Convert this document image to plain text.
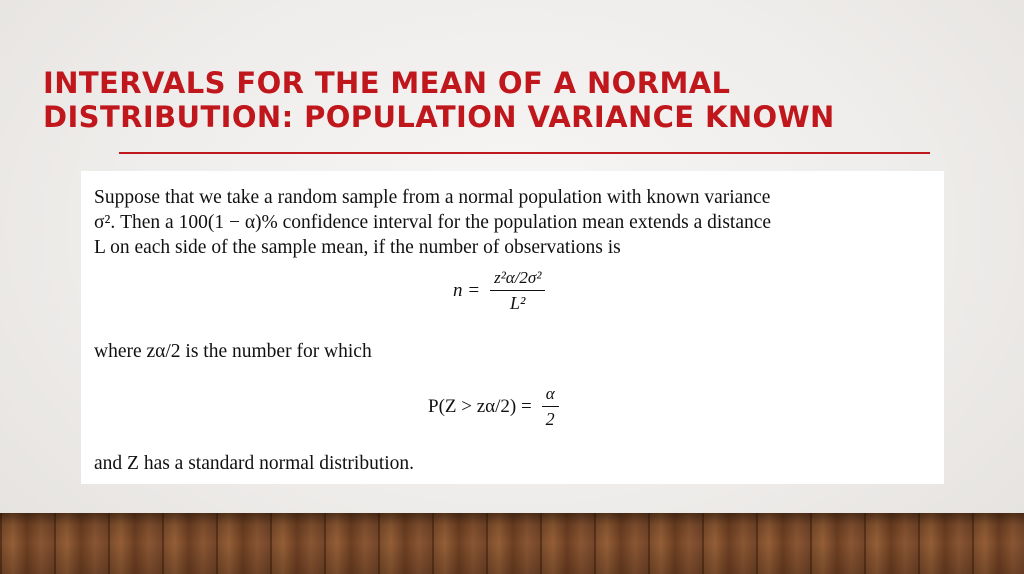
INTERVALS FOR THE MEAN OF A NORMAL
DISTRIBUTION: POPULATION VARIANCE KNOWN
Suppose that we take a random sample from a normal population with known variance
σ². Then a 100(1 − α)% confidence interval for the population mean extends a distance
L on each side of the sample mean, if the number of observations is
$n = \frac{\text{z²α/2σ²}}{\text{L²}}$
where zα/2 is the number for which
$P(Z > z\alpha/2) = \frac{\alpha}{2}$
and Z has a standard normal distribution.
